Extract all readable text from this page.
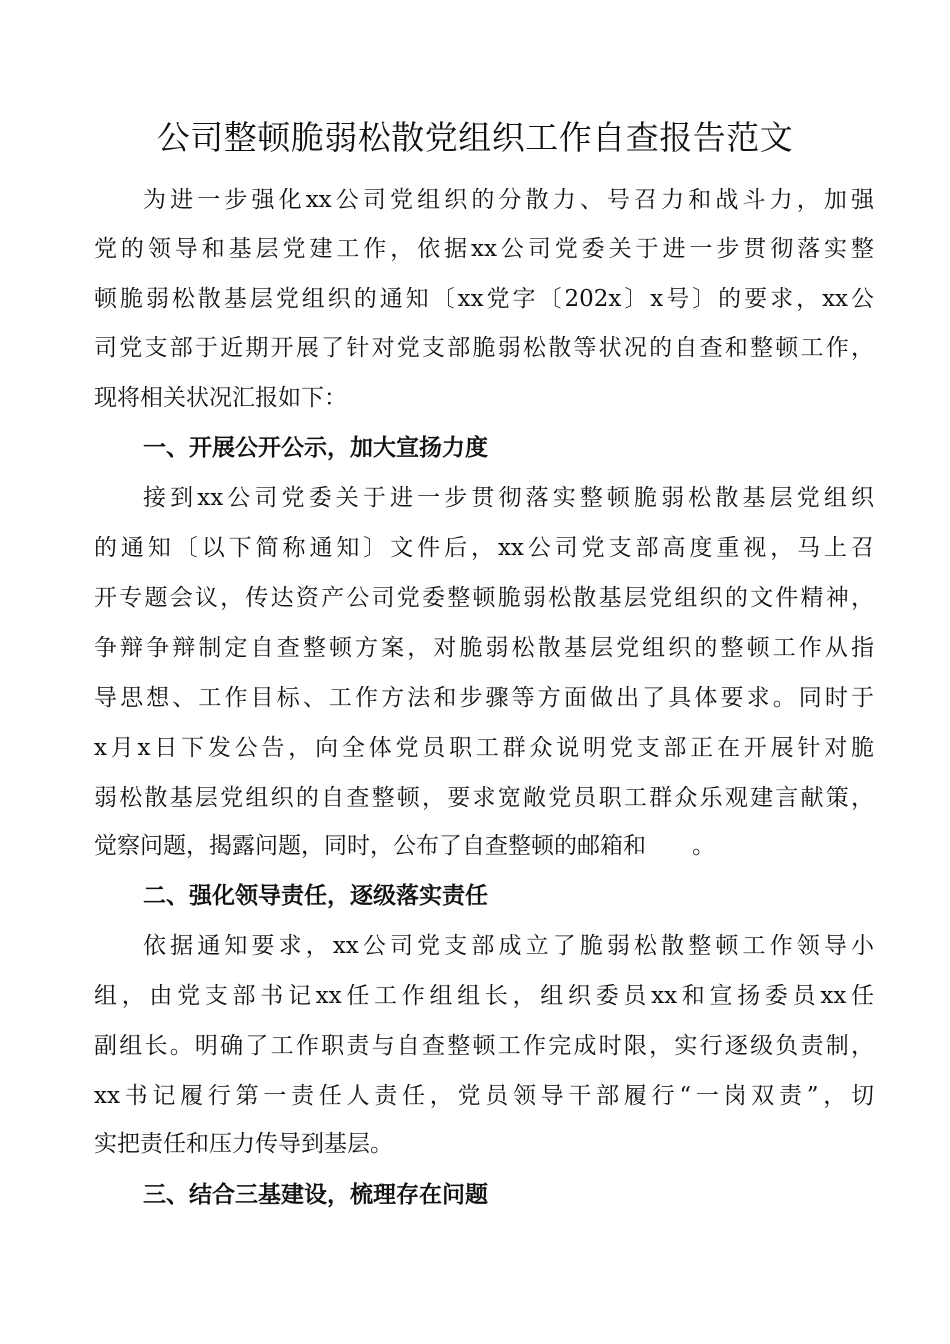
公司整顿脆弱松散党组织工作自查报告范文

为进一步强化xx公司党组织的分散力、号召力和战斗力，加强

党的领导和基层党建工作，依据xx公司党委关于进一步贯彻落实整

顿脆弱松散基层党组织的通知〔xx党字〔202x〕x号〕的要求，xx公

司党支部于近期开展了针对党支部脆弱松散等状况的自查和整顿工作，

现将相关状况汇报如下：

一、开展公开公示，加大宣扬力度

接到xx公司党委关于进一步贯彻落实整顿脆弱松散基层党组织

的通知〔以下简称通知〕文件后，xx公司党支部高度重视，马上召

开专题会议，传达资产公司党委整顿脆弱松散基层党组织的文件精神，

争辩争辩制定自查整顿方案，对脆弱松散基层党组织的整顿工作从指

导思想、工作目标、工作方法和步骤等方面做出了具体要求。同时于

x月x日下发公告，向全体党员职工群众说明党支部正在开展针对脆

弱松散基层党组织的自查整顿，要求宽敞党员职工群众乐观建言献策，

觉察问题，揭露问题，同时，公布了自查整顿的邮箱和　　。

二、强化领导责任，逐级落实责任

依据通知要求，xx公司党支部成立了脆弱松散整顿工作领导小

组，由党支部书记xx任工作组组长，组织委员xx和宣扬委员xx任

副组长。明确了工作职责与自查整顿工作完成时限，实行逐级负责制，

xx书记履行第一责任人责任，党员领导干部履行“一岗双责”，切

实把责任和压力传导到基层。

三、结合三基建设，梳理存在问题
